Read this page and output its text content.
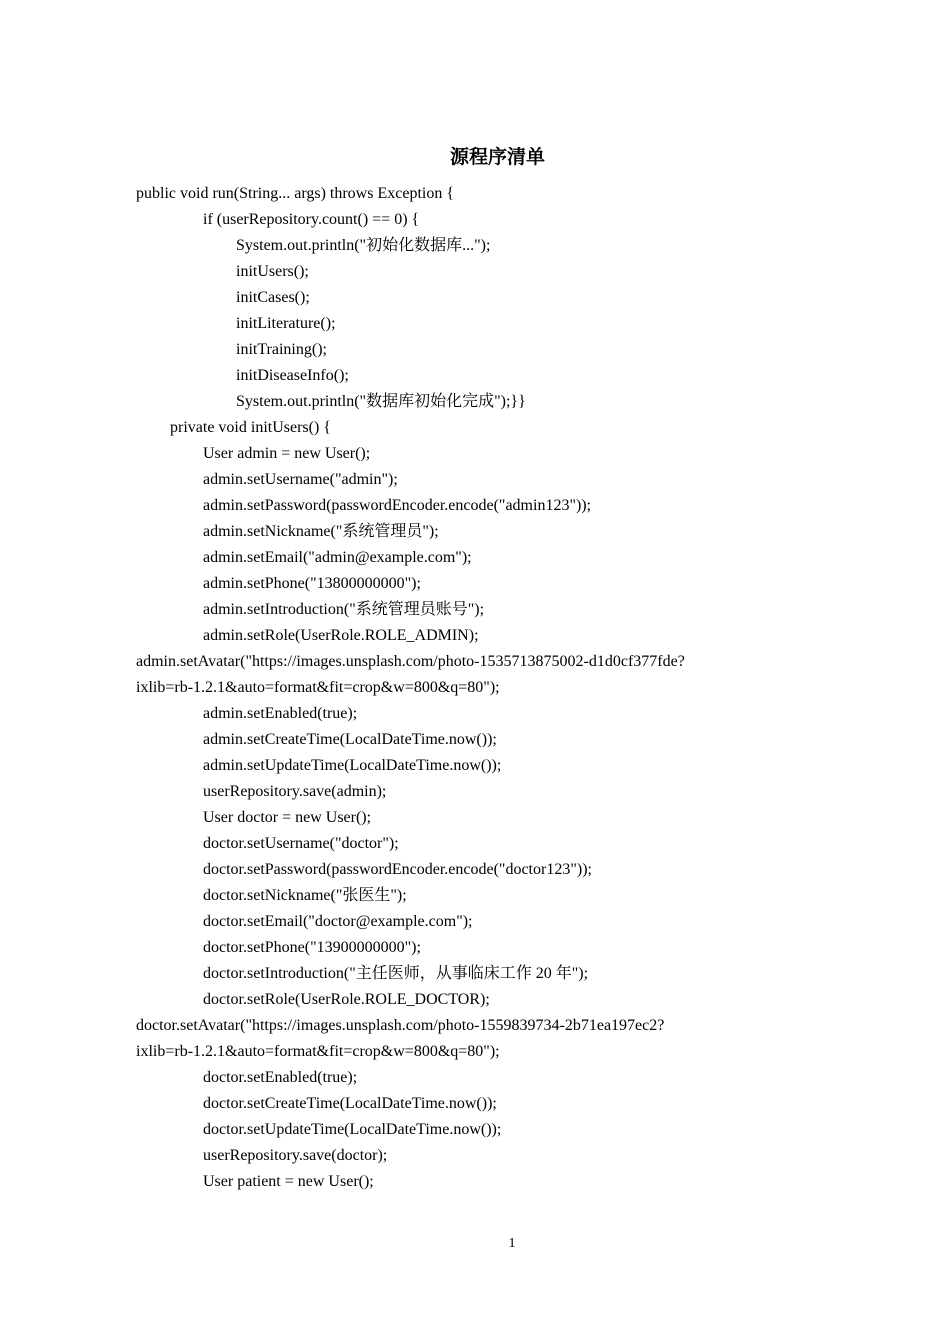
源程序清单
public void run(String... args) throws Exception {
if (userRepository.count() == 0) {
System.out.println("初始化数据库...");
initUsers();
initCases();
initLiterature();
initTraining();
initDiseaseInfo();
System.out.println("数据库初始化完成");}}
private void initUsers() {
User admin = new User();
admin.setUsername("admin");
admin.setPassword(passwordEncoder.encode("admin123"));
admin.setNickname("系统管理员");
admin.setEmail("admin@example.com");
admin.setPhone("13800000000");
admin.setIntroduction("系统管理员账号");
admin.setRole(UserRole.ROLE_ADMIN);
admin.setAvatar("https://images.unsplash.com/photo-1535713875002-d1d0cf377fde?
ixlib=rb-1.2.1&auto=format&fit=crop&w=800&q=80");
admin.setEnabled(true);
admin.setCreateTime(LocalDateTime.now());
admin.setUpdateTime(LocalDateTime.now());
userRepository.save(admin);
User doctor = new User();
doctor.setUsername("doctor");
doctor.setPassword(passwordEncoder.encode("doctor123"));
doctor.setNickname("张医生");
doctor.setEmail("doctor@example.com");
doctor.setPhone("13900000000");
doctor.setIntroduction("主任医师，从事临床工作 20 年");
doctor.setRole(UserRole.ROLE_DOCTOR);
doctor.setAvatar("https://images.unsplash.com/photo-1559839734-2b71ea197ec2?
ixlib=rb-1.2.1&auto=format&fit=crop&w=800&q=80");
doctor.setEnabled(true);
doctor.setCreateTime(LocalDateTime.now());
doctor.setUpdateTime(LocalDateTime.now());
userRepository.save(doctor);
User patient = new User();
1
